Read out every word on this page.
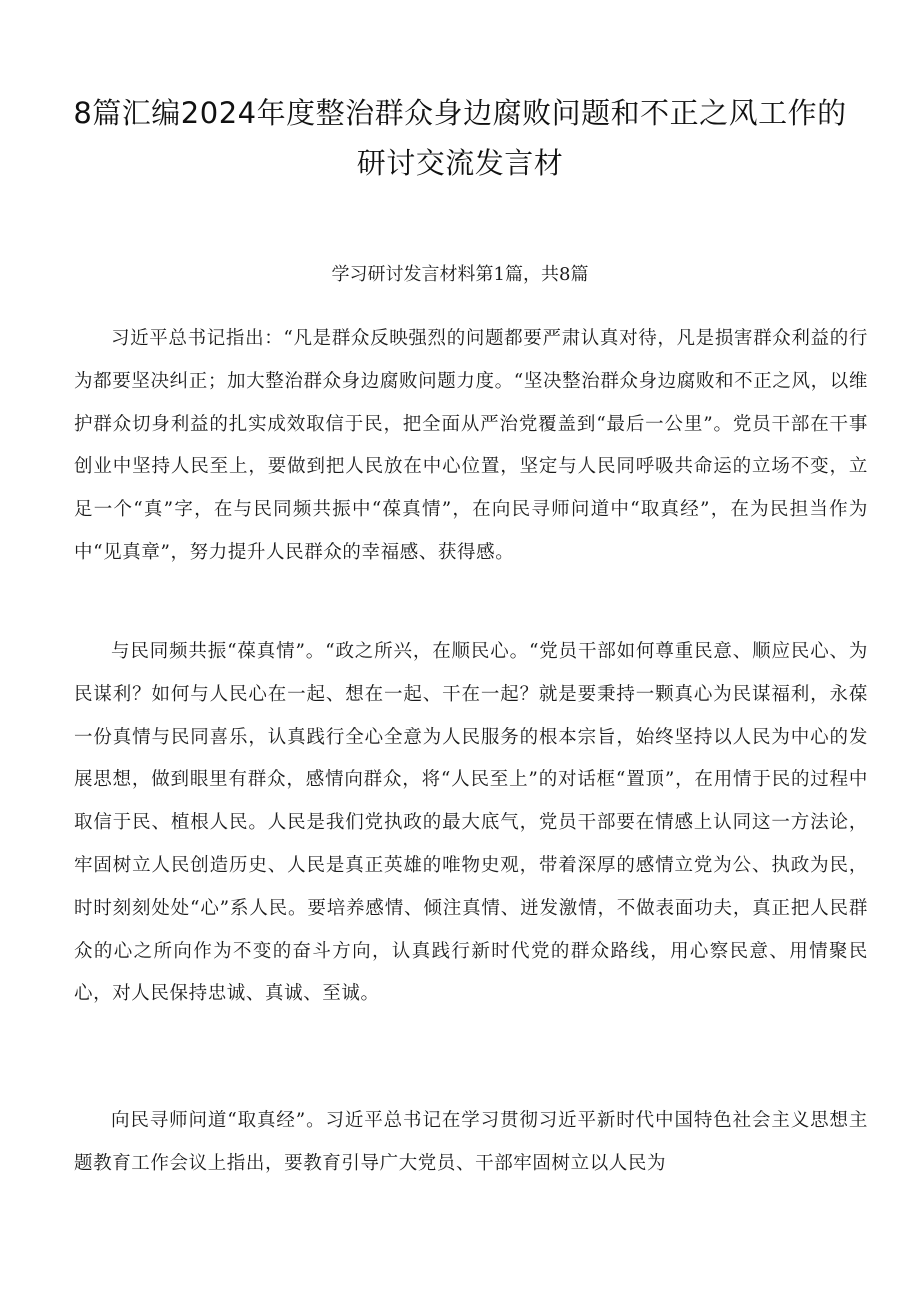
8篇汇编2024年度整治群众身边腐败问题和不正之风工作的研讨交流发言材
学习研讨发言材料第1篇，共8篇

习近平总书记指出：“凡是群众反映强烈的问题都要严肃认真对待，凡是损害群众利益的行为都要坚决纠正；加大整治群众身边腐败问题力度。“坚决整治群众身边腐败和不正之风，以维护群众切身利益的扎实成效取信于民，把全面从严治党覆盖到“最后一公里”。党员干部在干事创业中坚持人民至上，要做到把人民放在中心位置，坚定与人民同呼吸共命运的立场不变，立足一个“真”字，在与民同频共振中“葆真情”，在向民寻师问道中“取真经”，在为民担当作为中“见真章”，努力提升人民群众的幸福感、获得感。

与民同频共振“葆真情”。“政之所兴，在顺民心。“党员干部如何尊重民意、顺应民心、为民谋利？如何与人民心在一起、想在一起、干在一起？就是要秉持一颗真心为民谋福利，永葆一份真情与民同喜乐，认真践行全心全意为人民服务的根本宗旨，始终坚持以人民为中心的发展思想，做到眼里有群众，感情向群众，将“人民至上”的对话框“置顶”，在用情于民的过程中取信于民、植根人民。人民是我们党执政的最大底气，党员干部要在情感上认同这一方法论，牢固树立人民创造历史、人民是真正英雄的唯物史观，带着深厚的感情立党为公、执政为民，时时刻刻处处“心”系人民。要培养感情、倾注真情、迸发激情，不做表面功夫，真正把人民群众的心之所向作为不变的奋斗方向，认真践行新时代党的群众路线，用心察民意、用情聚民心，对人民保持忠诚、真诚、至诚。

向民寻师问道“取真经”。习近平总书记在学习贯彻习近平新时代中国特色社会主义思想主题教育工作会议上指出，要教育引导广大党员、干部牢固树立以人民为
